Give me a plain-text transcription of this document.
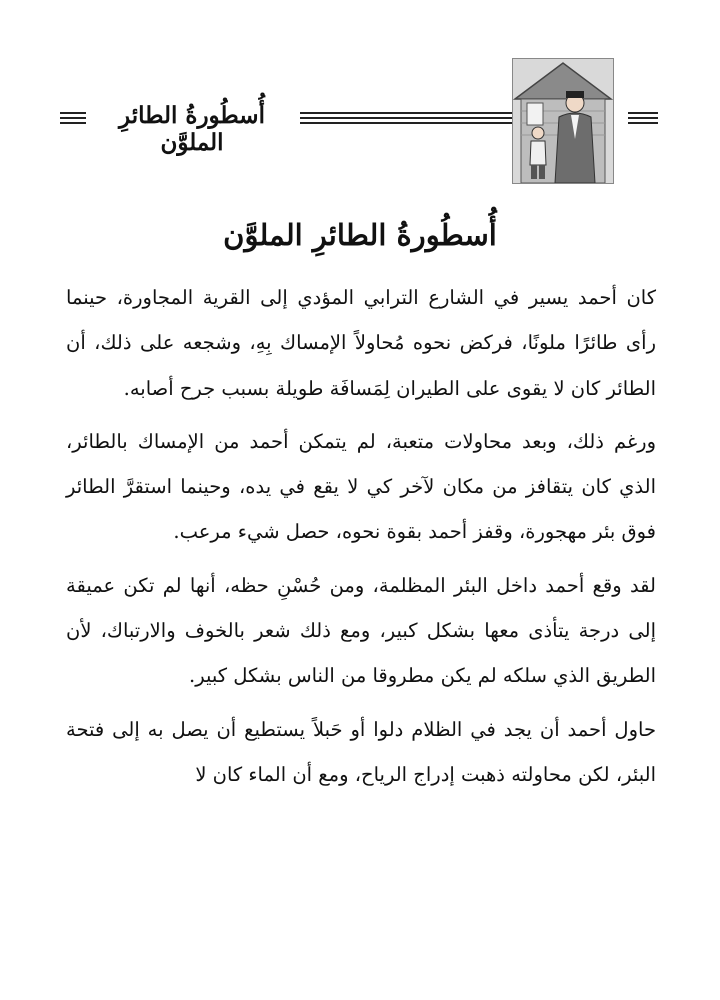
أُسطُورةُ الطائرِ الملوَّن
أُسطُورةُ الطائرِ الملوَّن

كان أحمد يسير في الشارع الترابي المؤدي إلى القرية المجاورة، حينما رأى طائرًا ملونًا، فركض نحوه مُحاولاً الإمساك بِهِ، وشجعه على ذلك، أن الطائر كان لا يقوى على الطيران لِمَسافَة طويلة بسبب جرح أصابه.

ورغم ذلك، وبعد محاولات متعبة، لم يتمكن أحمد من الإمساك بالطائر، الذي كان يتقافز من مكان لآخر كي لا يقع في يده، وحينما استقرَّ الطائر فوق بئر مهجورة، وقفز أحمد بقوة نحوه، حصل شيء مرعب.

لقد وقع أحمد داخل البئر المظلمة، ومن حُسْنِ حظه، أنها لم تكن عميقة إلى درجة يتأذى معها بشكل كبير، ومع ذلك شعر بالخوف والارتباك، لأن الطريق الذي سلكه لم يكن مطروقا من الناس بشكل كبير.

حاول أحمد أن يجد في الظلام دلوا أو حَبلاً يستطيع أن يصل به إلى فتحة البئر، لكن محاولته ذهبت إدراج الرياح، ومع أن الماء كان لا
